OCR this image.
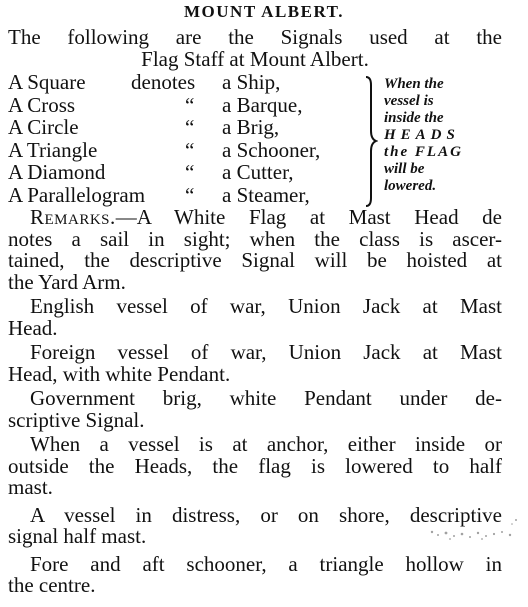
MOUNT ALBERT.
The following are the Signals used at the
Flag Staff at Mount Albert.
A Square denotes a Ship,
A Cross	“ a Barque,
A Circle	“ a Brig,
A Triangle	“ a Schooner,
A Diamond	“ a Cutter,
A Parallelogram “ a Steamer,
When the
vessel is
inside the
HEADS
the FLAG
will be
lowered.
Remarks.—A White Flag at Mast Head de
notes a sail in sight; when the class is ascer-
tained, the descriptive Signal will be hoisted at
the Yard Arm.
English vessel of war, Union Jack at Mast
Head.
Foreign vessel of war, Union Jack at Mast
Head, with white Pendant.
Government brig, white Pendant under de-
scriptive Signal.
When a vessel is at anchor, either inside or
outside the Heads, the flag is lowered to half
mast.
A vessel in distress, or on shore, descriptive
signal half mast.
Fore and aft schooner, a triangle hollow in
the centre.
